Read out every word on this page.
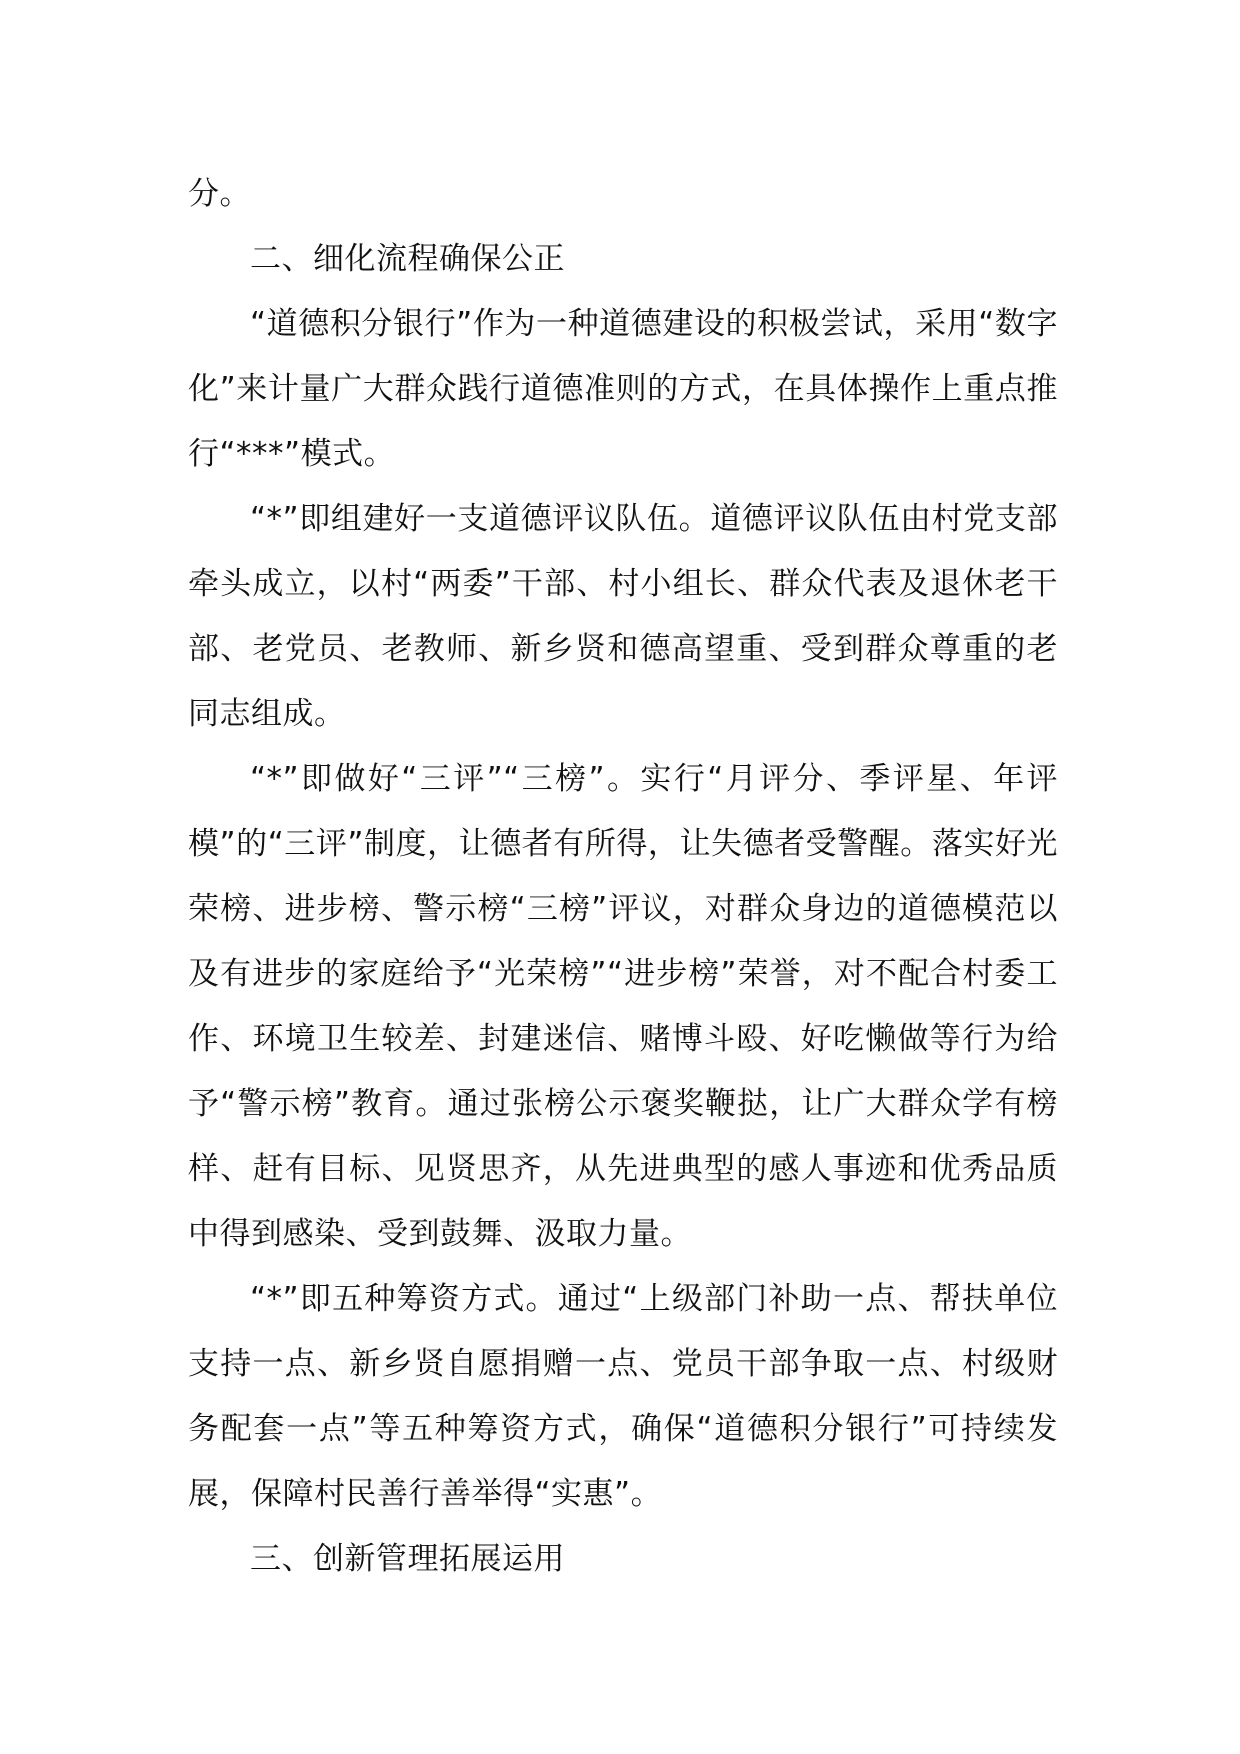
分。

二、细化流程确保公正

“道德积分银行”作为一种道德建设的积极尝试，采用“数字化”来计量广大群众践行道德准则的方式，在具体操作上重点推行“***”模式。

“*”即组建好一支道德评议队伍。道德评议队伍由村党支部牵头成立，以村“两委”干部、村小组长、群众代表及退休老干部、老党员、老教师、新乡贤和德高望重、受到群众尊重的老同志组成。

“*”即做好“三评”“三榜”。实行“月评分、季评星、年评模”的“三评”制度，让德者有所得，让失德者受警醒。落实好光荣榜、进步榜、警示榜“三榜”评议，对群众身边的道德模范以及有进步的家庭给予“光荣榜”“进步榜”荣誉，对不配合村委工作、环境卫生较差、封建迷信、赌博斗殴、好吃懒做等行为给予“警示榜”教育。通过张榜公示褒奖鞭挞，让广大群众学有榜样、赶有目标、见贤思齐，从先进典型的感人事迹和优秀品质中得到感染、受到鼓舞、汲取力量。

“*”即五种筹资方式。通过“上级部门补助一点、帮扶单位支持一点、新乡贤自愿捐赠一点、党员干部争取一点、村级财务配套一点”等五种筹资方式，确保“道德积分银行”可持续发展，保障村民善行善举得“实惠”。

三、创新管理拓展运用
